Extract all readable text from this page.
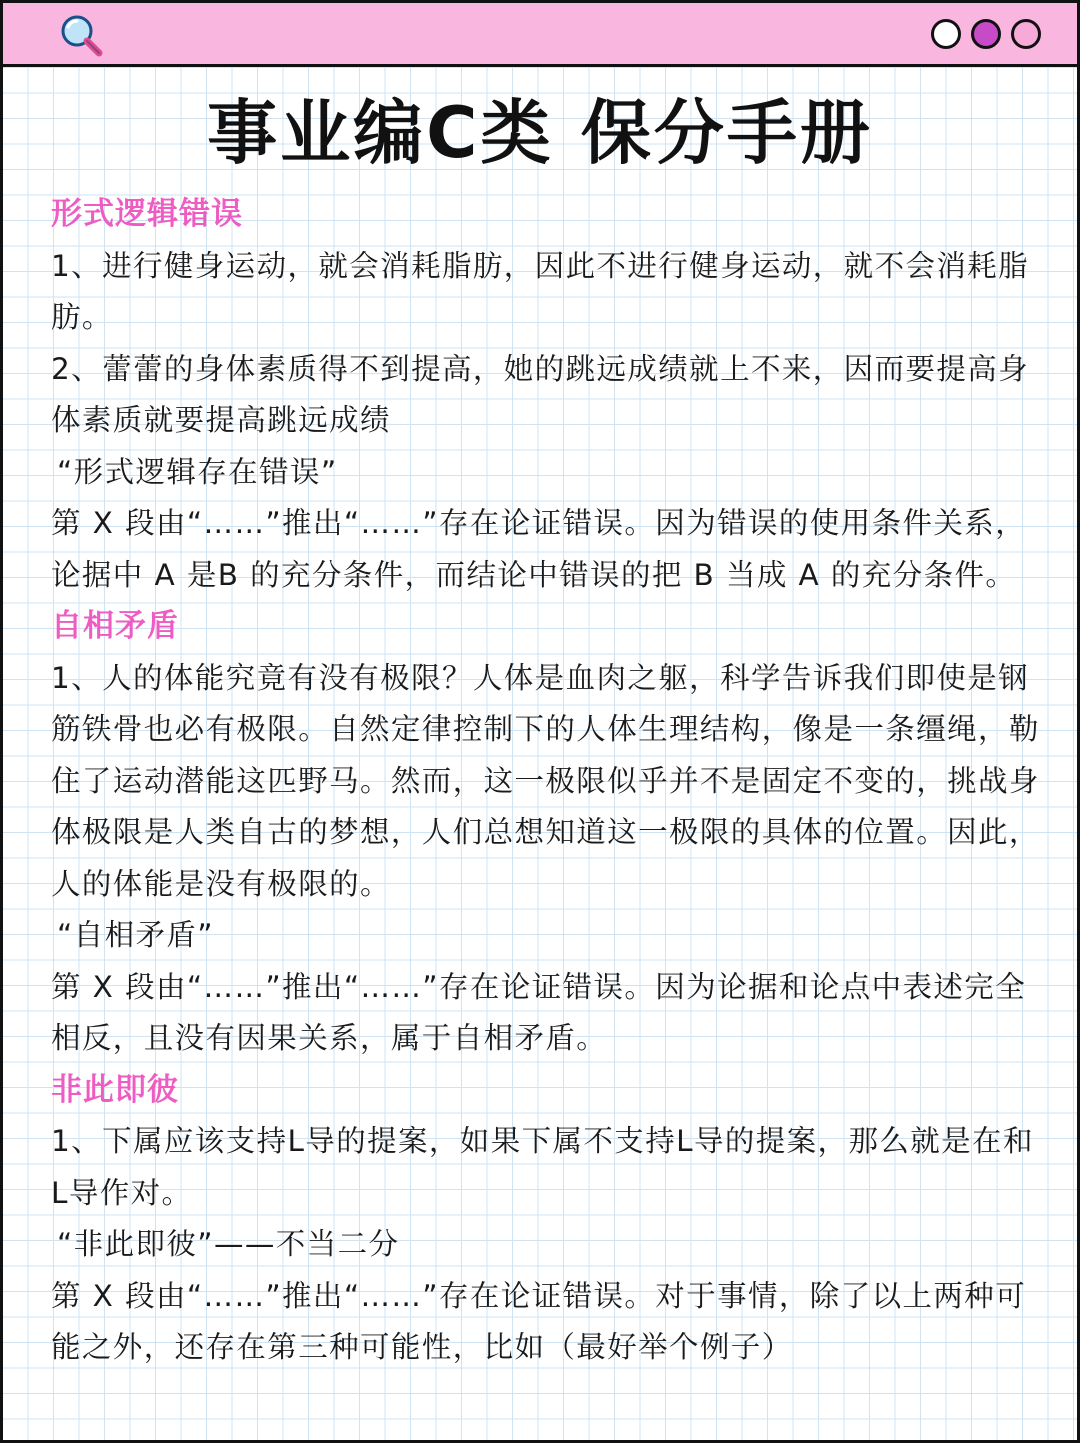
事业编C类 保分手册
形式逻辑错误
1、进行健身运动，就会消耗脂肪，因此不进行健身运动，就不会消耗脂肪。
2、蕾蕾的身体素质得不到提高，她的跳远成绩就上不来，因而要提高身体素质就要提高跳远成绩
“形式逻辑存在错误”
第 X 段由“……”推出“……”存在论证错误。因为错误的使用条件关系，论据中 A 是B 的充分条件，而结论中错误的把 B 当成 A 的充分条件。
自相矛盾
1、人的体能究竟有没有极限？人体是血肉之躯，科学告诉我们即使是钢筋铁骨也必有极限。自然定律控制下的人体生理结构，像是一条缰绳，勒住了运动潜能这匹野马。然而，这一极限似乎并不是固定不变的，挑战身体极限是人类自古的梦想，人们总想知道这一极限的具体的位置。因此，人的体能是没有极限的。
“自相矛盾”
第 X 段由“……”推出“……”存在论证错误。因为论据和论点中表述完全相反，且没有因果关系，属于自相矛盾。
非此即彼
1、下属应该支持L导的提案，如果下属不支持L导的提案，那么就是在和L导作对。
“非此即彼”——不当二分
第 X 段由“……”推出“……”存在论证错误。对于事情，除了以上两种可能之外，还存在第三种可能性，比如（最好举个例子）
